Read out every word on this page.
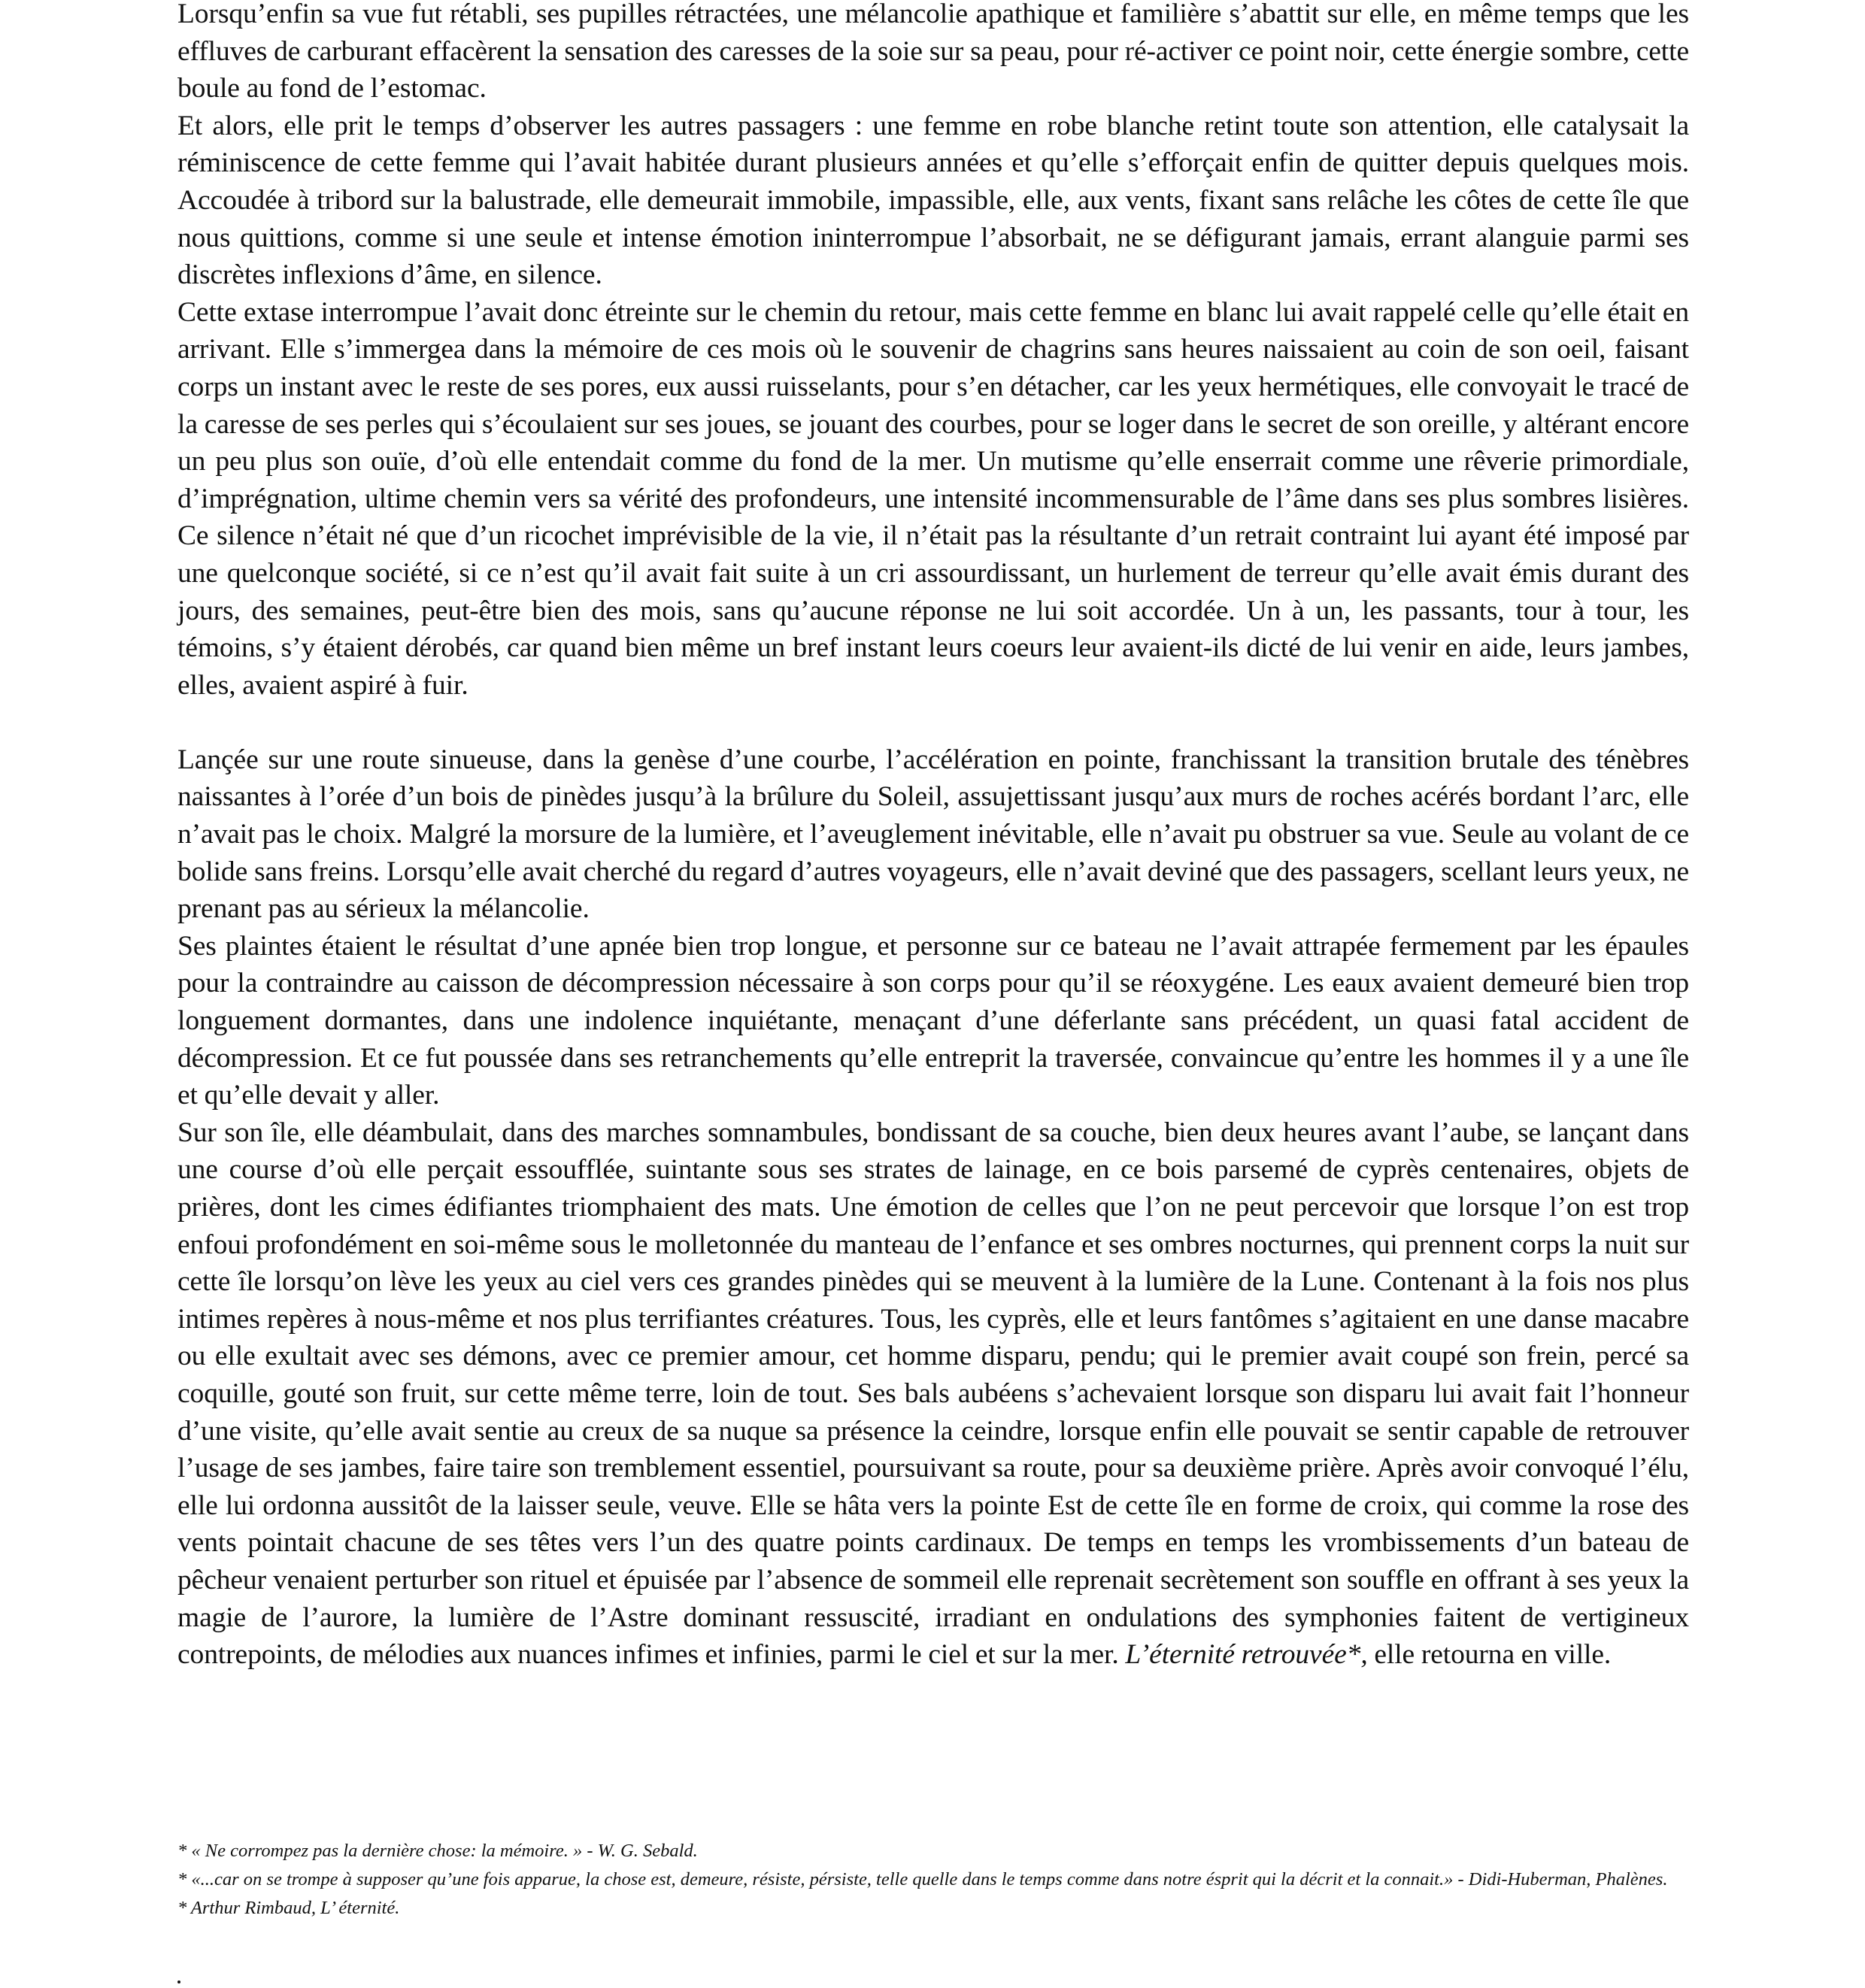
Lorsqu’enfin sa vue fut rétabli, ses pupilles rétractées, une mélancolie apathique et familière s’abattit sur elle, en même temps que les effluves de carburant effacèrent la sensation des caresses de la soie sur sa peau, pour ré-activer ce point noir, cette énergie sombre, cette boule au fond de l’estomac.

Et alors, elle prit le temps d’observer les autres passagers : une femme en robe blanche retint toute son attention, elle catalysait la réminiscence de cette femme qui l’avait habitée durant plusieurs années et qu’elle s’efforçait enfin de quitter depuis quelques mois. Accoudée à tribord sur la balustrade, elle demeurait immobile, impassible, elle, aux vents, fixant sans relâche les côtes de cette île que nous quittions, comme si une seule et intense émotion ininterrompue l’absorbait, ne se défigurant jamais, errant alanguie parmi ses discrètes inflexions d’âme, en silence.

Cette extase interrompue l’avait donc étreinte sur le chemin du retour, mais cette femme en blanc lui avait rappelé celle qu’elle était en arrivant. Elle s’immergea dans la mémoire de ces mois où le souvenir de chagrins sans heures naissaient au coin de son oeil, faisant corps un instant avec le reste de ses pores, eux aussi ruisselants, pour s’en détacher, car les yeux hermétiques, elle convoyait le tracé de la caresse de ses perles qui s’écoulaient sur ses joues, se jouant des courbes, pour se loger dans le secret de son oreille, y altérant encore un peu plus son ouïe, d’où elle entendait comme du fond de la mer. Un mutisme qu’elle enserrait comme une rêverie primordiale, d’imprégnation, ultime chemin vers sa vérité des profondeurs, une intensité incommensurable de l’âme dans ses plus sombres lisières. Ce silence n’était né que d’un ricochet imprévisible de la vie, il n’était pas la résultante d’un retrait contraint lui ayant été imposé par une quelconque société, si ce n’est qu’il avait fait suite à un cri assourdissant, un hurlement de terreur qu’elle avait émis durant des jours, des semaines, peut-être bien des mois, sans qu’aucune réponse ne lui soit accordée. Un à un, les passants, tour à tour, les témoins, s’y étaient dérobés, car quand bien même un bref instant leurs coeurs leur avaient-ils dicté de lui venir en aide, leurs jambes, elles, avaient aspiré à fuir.

Lançée sur une route sinueuse, dans la genèse d’une courbe, l’accélération en pointe, franchissant la transition brutale des ténèbres naissantes à l’orée d’un bois de pinèdes jusqu’à la brûlure du Soleil, assujettissant jusqu’aux murs de roches acérés bordant l’arc, elle n’avait pas le choix. Malgré la morsure de la lumière, et l’aveuglement inévitable, elle n’avait pu obstruer sa vue. Seule au volant de ce bolide sans freins. Lorsqu’elle avait cherché du regard d’autres voyageurs, elle n’avait deviné que des passagers, scellant leurs yeux, ne prenant pas au sérieux la mélancolie.

Ses plaintes étaient le résultat d’une apnée bien trop longue, et personne sur ce bateau ne l’avait attrapée fermement par les épaules pour la contraindre au caisson de décompression nécessaire à son corps pour qu’il se réoxygéne. Les eaux avaient demeuré bien trop longuement dormantes, dans une indolence inquiétante, menaçant d’une déferlante sans précédent, un quasi fatal accident de décompression. Et ce fut poussée dans ses retranchements qu’elle entreprit la traversée, convaincue qu’entre les hommes il y a une île et qu’elle devait y aller.

Sur son île, elle déambulait, dans des marches somnambules, bondissant de sa couche, bien deux heures avant l’aube, se lançant dans une course d’où elle perçait essoufflée, suintante sous ses strates de lainage, en ce bois parsemé de cyprès centenaires, objets de prières, dont les cimes édifiantes triomphaient des mats. Une émotion de celles que l’on ne peut percevoir que lorsque l’on est trop enfoui profondément en soi-même sous le molletonnée du manteau de l’enfance et ses ombres nocturnes, qui prennent corps la nuit sur cette île lorsqu’on lève les yeux au ciel vers ces grandes pinèdes qui se meuvent à la lumière de la Lune. Contenant à la fois nos plus intimes repères à nous-même et nos plus terrifiantes créatures. Tous, les cyprès, elle et leurs fantômes s’agitaient en une danse macabre ou elle exultait avec ses démons, avec ce premier amour, cet homme disparu, pendu; qui le premier avait coupé son frein, percé sa coquille, gouté son fruit, sur cette même terre, loin de tout. Ses bals aubéens s’achevaient lorsque son disparu lui avait fait l’honneur d’une visite, qu’elle avait sentie au creux de sa nuque sa présence la ceindre, lorsque enfin elle pouvait se sentir capable de retrouver l’usage de ses jambes, faire taire son tremblement essentiel, poursuivant sa route, pour sa deuxième prière. Après avoir convoqué l’élu, elle lui ordonna aussitôt de la laisser seule, veuve. Elle se hâta vers la pointe Est de cette île en forme de croix, qui comme la rose des vents pointait chacune de ses têtes vers l’un des quatre points cardinaux. De temps en temps les vrombissements d’un bateau de pêcheur venaient perturber son rituel et épuisée par l’absence de sommeil elle reprenait secrètement son souffle en offrant à ses yeux la magie de l’aurore, la lumière de l’Astre dominant ressuscité, irradiant en ondulations des symphonies faitent de vertigineux contrepoints, de mélodies aux nuances infimes et infinies, parmi le ciel et sur la mer. L’éternité retrouvée*, elle retourna en ville.

* « Ne corrompez pas la dernière chose: la mémoire. » - W. G. Sebald.

* «...car on se trompe à supposer qu’une fois apparue, la chose est, demeure, résiste, pérsiste, telle quelle dans le temps comme dans notre ésprit qui la décrit et la connait.» - Didi-Huberman, Phalènes.

* Arthur Rimbaud, L’ éternité.
